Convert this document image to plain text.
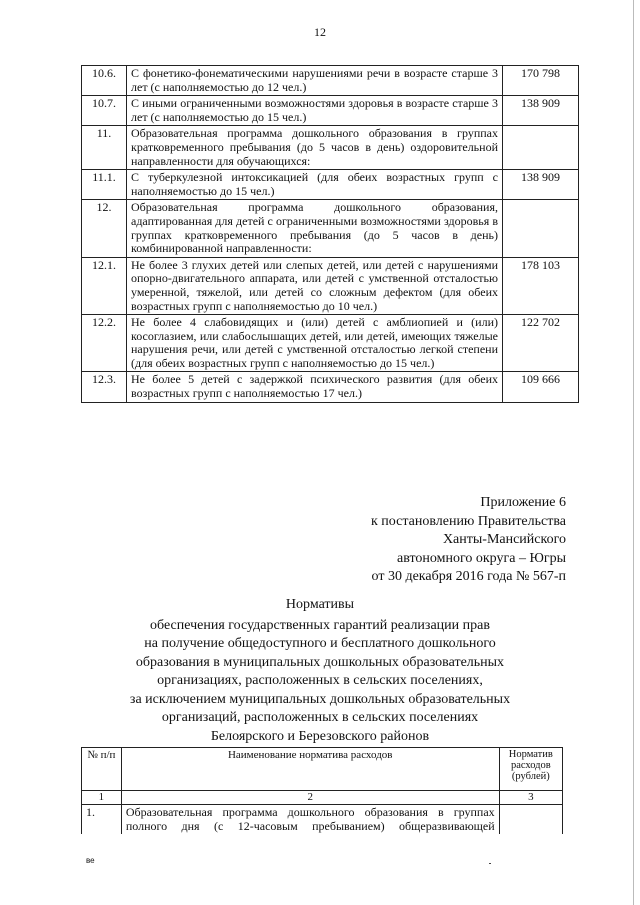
12
10.6.	С фонетико-фонематическими нарушениями речи в возрасте старше 3 лет (с наполняемостью до 12 чел.)	170 798
10.7.	С иными ограниченными возможностями здоровья в возрасте старше 3 лет (с наполняемостью до 15 чел.)	138 909
11.	Образовательная программа дошкольного образования в группах кратковременного пребывания (до 5 часов в день) оздоровительной направленности для обучающихся:	
11.1.	С туберкулезной интоксикацией (для обеих возрастных групп с наполняемостью до 15 чел.)	138 909
12.	Образовательная программа дошкольного образования, адаптированная для детей с ограниченными возможностями здоровья в группах кратковременного пребывания (до 5 часов в день) комбинированной направленности:	
12.1.	Не более 3 глухих детей или слепых детей, или детей с нарушениями опорно-двигательного аппарата, или детей с умственной отсталостью умеренной, тяжелой, или детей со сложным дефектом (для обеих возрастных групп с наполняемостью до 10 чел.)	178 103
12.2.	Не более 4 слабовидящих и (или) детей с амблиопией и (или) косоглазием, или слабослышащих детей, или детей, имеющих тяжелые нарушения речи, или детей с умственной отсталостью легкой степени (для обеих возрастных групп с наполняемостью до 15 чел.)	122 702
12.3.	Не более 5 детей с задержкой психического развития (для обеих возрастных групп с наполняемостью 17 чел.)	109 666
Приложение 6
к постановлению Правительства
Ханты-Мансийского
автономного округа – Югры
от 30 декабря 2016 года № 567-п
Нормативы
обеспечения государственных гарантий реализации прав
на получение общедоступного и бесплатного дошкольного
образования в муниципальных дошкольных образовательных
организациях, расположенных в сельских поселениях,
за исключением муниципальных дошкольных образовательных
организаций, расположенных в сельских поселениях
Белоярского и Березовского районов
№ п/п	Наименование норматива расходов	Норматив расходов (рублей)
1	2	3
1.	Образовательная программа дошкольного образования в группах полного дня (с 12-часовым пребыванием) общеразвивающей	
ве
